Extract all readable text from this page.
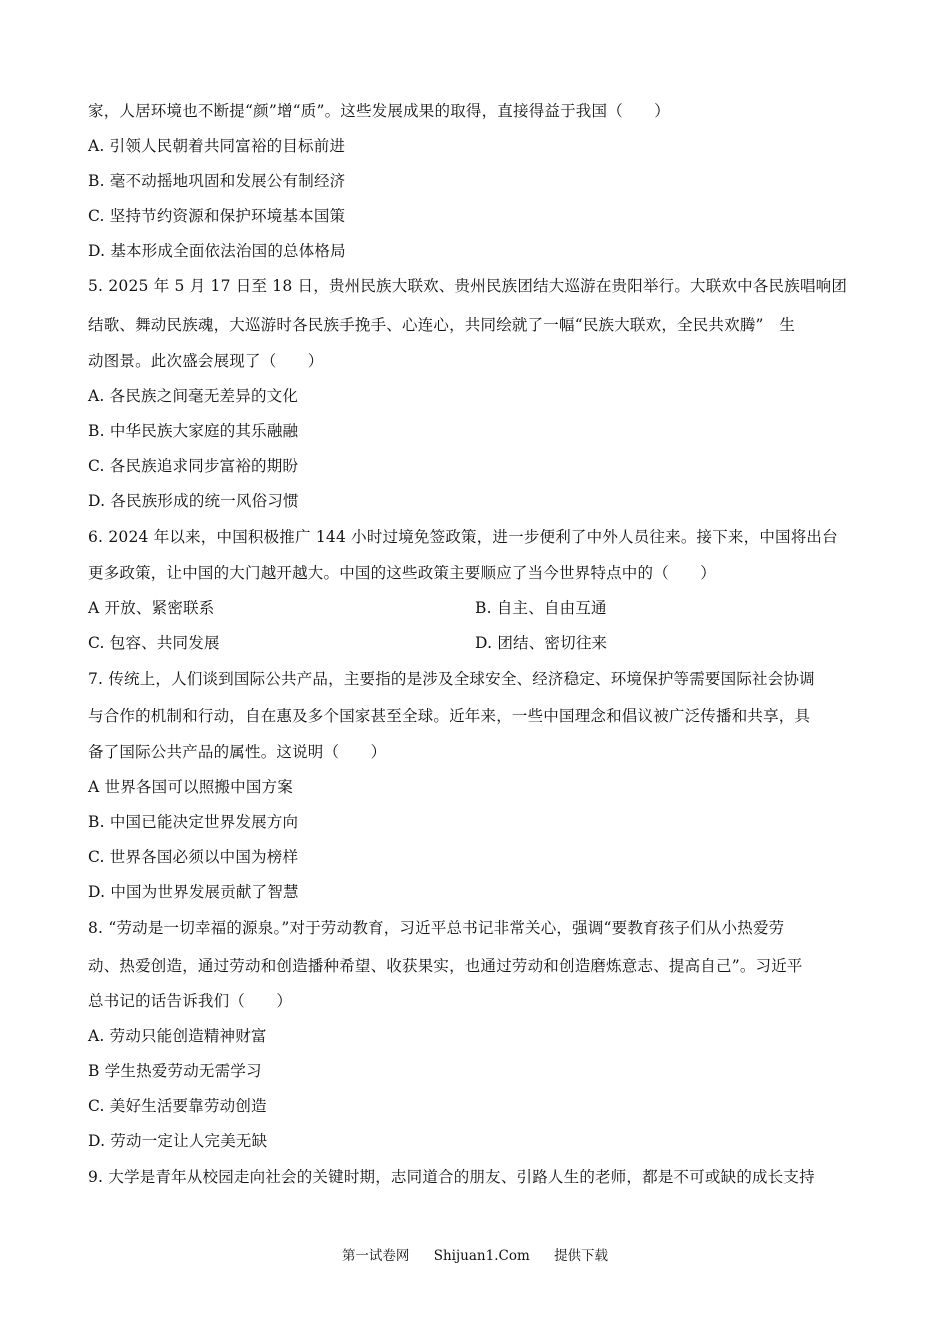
家，人居环境也不断提“颜”增“质”。这些发展成果的取得，直接得益于我国（　　）
A. 引领人民朝着共同富裕的目标前进
B. 毫不动摇地巩固和发展公有制经济
C. 坚持节约资源和保护环境基本国策
D. 基本形成全面依法治国的总体格局
5. 2025 年 5 月 17 日至 18 日，贵州民族大联欢、贵州民族团结大巡游在贵阳举行。大联欢中各民族唱响团
结歌、舞动民族魂，大巡游时各民族手挽手、心连心，共同绘就了一幅“民族大联欢，全民共欢腾”　生
动图景。此次盛会展现了（　　）
A. 各民族之间毫无差异的文化
B. 中华民族大家庭的其乐融融
C. 各民族追求同步富裕的期盼
D. 各民族形成的统一风俗习惯
6. 2024 年以来，中国积极推广 144 小时过境免签政策，进一步便利了中外人员往来。接下来，中国将出台
更多政策，让中国的大门越开越大。中国的这些政策主要顺应了当今世界特点中的（　　）
A 开放、紧密联系	B. 自主、自由互通
C. 包容、共同发展	D. 团结、密切往来
7. 传统上，人们谈到国际公共产品，主要指的是涉及全球安全、经济稳定、环境保护等需要国际社会协调
与合作的机制和行动，自在惠及多个国家甚至全球。近年来，一些中国理念和倡议被广泛传播和共享，具
备了国际公共产品的属性。这说明（　　）
A 世界各国可以照搬中国方案
B. 中国已能决定世界发展方向
C. 世界各国必须以中国为榜样
D. 中国为世界发展贡献了智慧
8. “劳动是一切幸福的源泉。”对于劳动教育，习近平总书记非常关心，强调“要教育孩子们从小热爱劳
动、热爱创造，通过劳动和创造播种希望、收获果实，也通过劳动和创造磨炼意志、提高自己”。习近平
总书记的话告诉我们（　　）
A. 劳动只能创造精神财富
B 学生热爱劳动无需学习
C. 美好生活要靠劳动创造
D. 劳动一定让人完美无缺
9. 大学是青年从校园走向社会的关键时期，志同道合的朋友、引路人生的老师，都是不可或缺的成长支持
第一试卷网 Shijuan1.Com 提供下载
